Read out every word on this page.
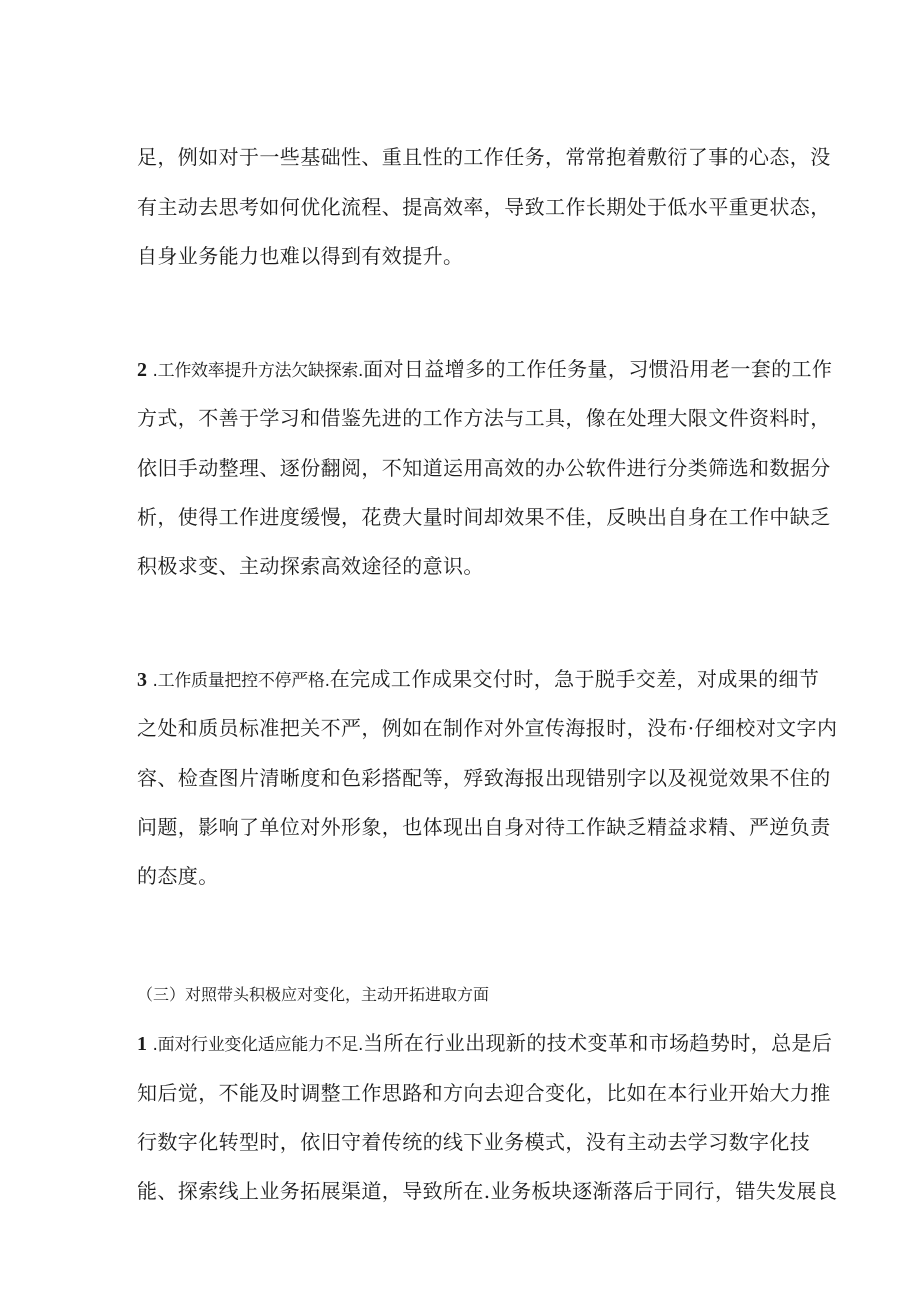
足，例如对于一些基础性、重且性的工作任务，常常抱着敷衍了事的心态，没
有主动去思考如何优化流程、提高效率，导致工作长期处于低水平重更状态，
自身业务能力也难以得到有效提升。
2 .工作效率提升方法欠缺探索.面对日益增多的工作任务量，习惯沿用老一套的工作
方式，不善于学习和借鉴先进的工作方法与工具，像在处理大限文件资料时，
依旧手动整理、逐份翻阅，不知道运用高效的办公软件进行分类筛选和数据分
析，使得工作进度缓慢，花费大量时间却效果不佳，反映出自身在工作中缺乏
积极求变、主动探索高效途径的意识。
3 .工作质量把控不停严格.在完成工作成果交付时，急于脱手交差，对成果的细节
之处和质员标准把关不严，例如在制作对外宣传海报时，没布·仔细校对文字内
容、检查图片清晰度和色彩搭配等，殍致海报出现错别字以及视觉效果不住的
问题，影响了单位对外形象，也体现出自身对待工作缺乏精益求精、严逆负责
的态度。
（三）对照带头积极应对变化，主动开拓进取方面
1 .面对行业变化适应能力不足.当所在行业出现新的技术变革和市场趋势时，总是后
知后觉，不能及时调整工作思路和方向去迎合变化，比如在本行业开始大力推
行数字化转型时，依旧守着传统的线下业务模式，没有主动去学习数字化技
能、探索线上业务拓展渠道，导致所在.业务板块逐渐落后于同行，错失发展良
